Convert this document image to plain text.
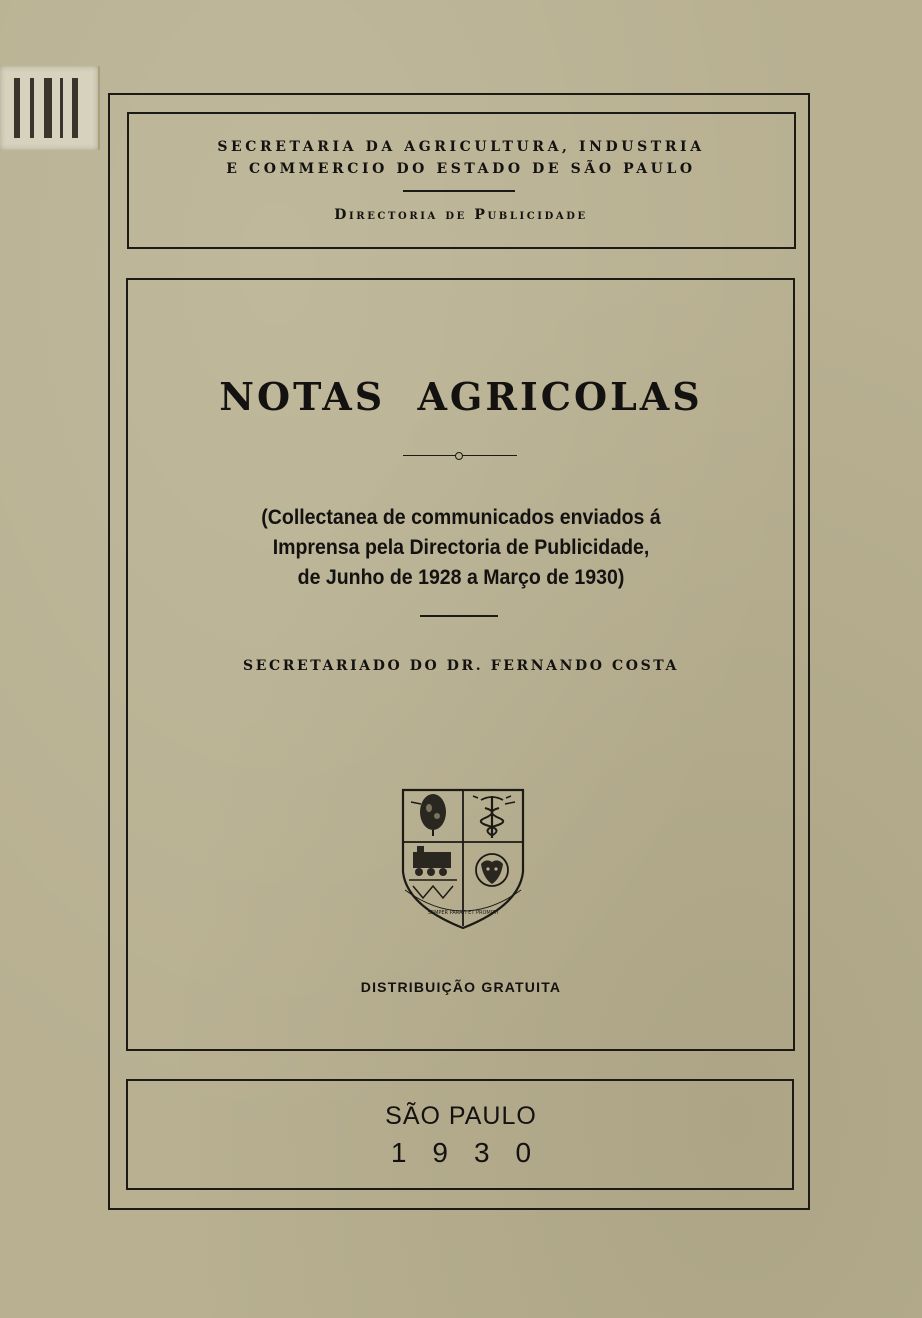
SECRETARIA DA AGRICULTURA, INDUSTRIA
E COMMERCIO DO ESTADO DE SÃO PAULO
Directoria de Publicidade
NOTAS AGRICOLAS
(Collectanea de communicados enviados á
Imprensa pela Directoria de Publicidade,
de Junho de 1928 a Março de 1930)
SECRETARIADO DO DR. FERNANDO COSTA
SEMPER PARATI ET PROMPTI
DISTRIBUIÇÃO GRATUITA
SÃO PAULO
1930
